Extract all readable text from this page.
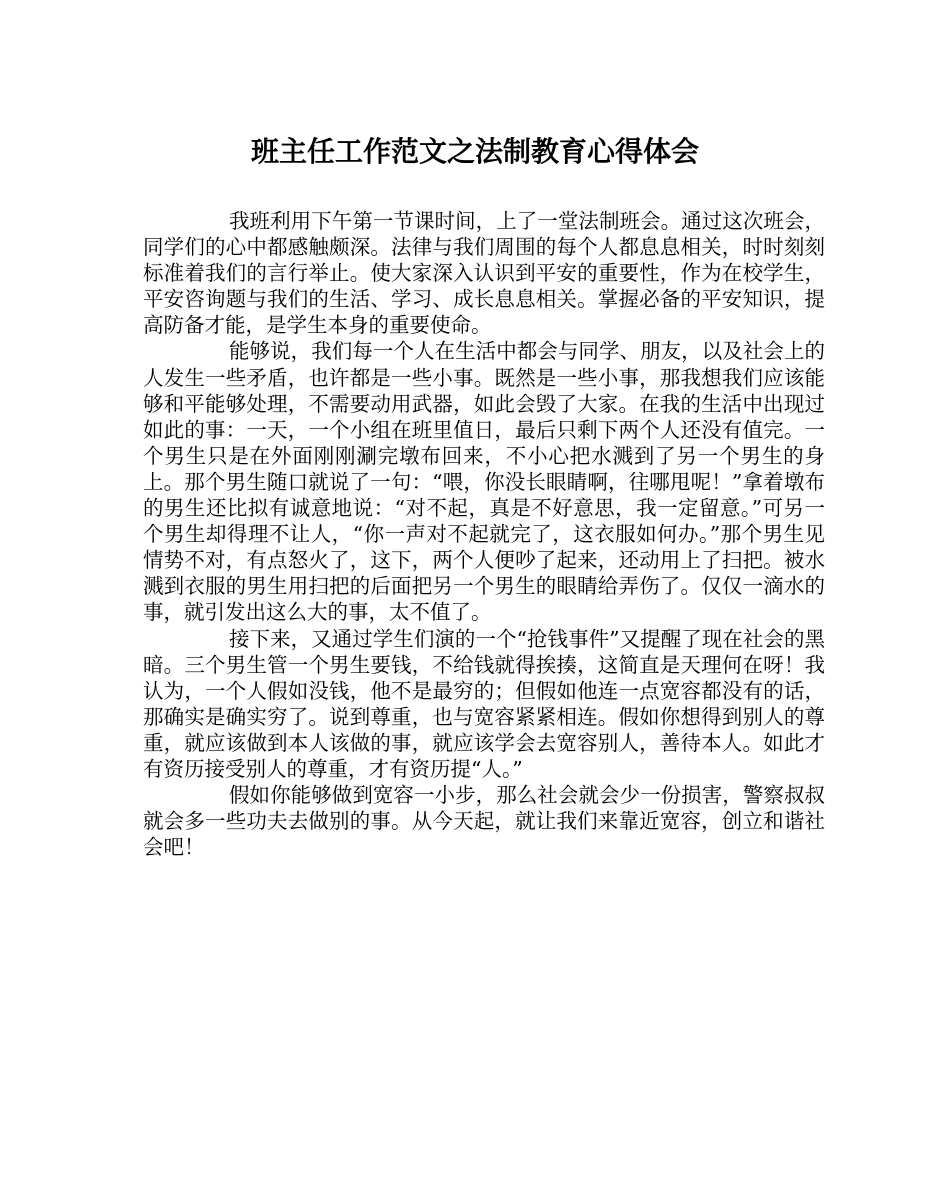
班主任工作范文之法制教育心得体会

我班利用下午第一节课时间，上了一堂法制班会。通过这次班会，同学们的心中都感触颇深。法律与我们周围的每个人都息息相关，时时刻刻标准着我们的言行举止。使大家深入认识到平安的重要性，作为在校学生，平安咨询题与我们的生活、学习、成长息息相关。掌握必备的平安知识，提高防备才能，是学生本身的重要使命。

能够说，我们每一个人在生活中都会与同学、朋友，以及社会上的人发生一些矛盾，也许都是一些小事。既然是一些小事，那我想我们应该能够和平能够处理，不需要动用武器，如此会毁了大家。在我的生活中出现过如此的事：一天，一个小组在班里值日，最后只剩下两个人还没有值完。一个男生只是在外面刚刚涮完墩布回来，不小心把水溅到了另一个男生的身上。那个男生随口就说了一句：“喂，你没长眼睛啊，往哪甩呢！”拿着墩布的男生还比拟有诚意地说：“对不起，真是不好意思，我一定留意。”可另一个男生却得理不让人，“你一声对不起就完了，这衣服如何办。”那个男生见情势不对，有点怒火了，这下，两个人便吵了起来，还动用上了扫把。被水溅到衣服的男生用扫把的后面把另一个男生的眼睛给弄伤了。仅仅一滴水的事，就引发出这么大的事，太不值了。

接下来，又通过学生们演的一个“抢钱事件”又提醒了现在社会的黑暗。三个男生管一个男生要钱，不给钱就得挨揍，这简直是天理何在呀！我认为，一个人假如没钱，他不是最穷的；但假如他连一点宽容都没有的话，那确实是确实穷了。说到尊重，也与宽容紧紧相连。假如你想得到别人的尊重，就应该做到本人该做的事，就应该学会去宽容别人，善待本人。如此才有资历接受别人的尊重，才有资历提“人。”

假如你能够做到宽容一小步，那么社会就会少一份损害，警察叔叔就会多一些功夫去做别的事。从今天起，就让我们来靠近宽容，创立和谐社会吧！
